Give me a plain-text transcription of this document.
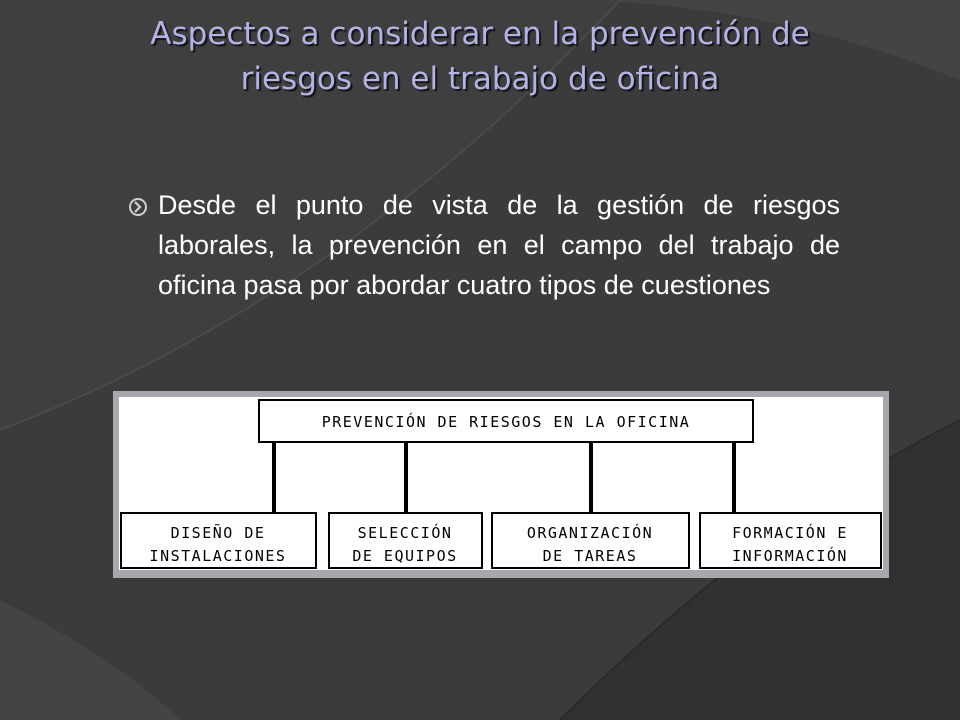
Aspectos a considerar en la prevención de
riesgos en el trabajo de oficina
Desde el punto de vista de la gestión de riesgos laborales, la prevención en el campo del trabajo de oficina pasa por abordar cuatro tipos de cuestiones
PREVENCIÓN DE RIESGOS EN LA OFICINA
DISEÑO DE
INSTALACIONES
SELECCIÓN
DE EQUIPOS
ORGANIZACIÓN
DE TAREAS
FORMACIÓN E
INFORMACIÓN
